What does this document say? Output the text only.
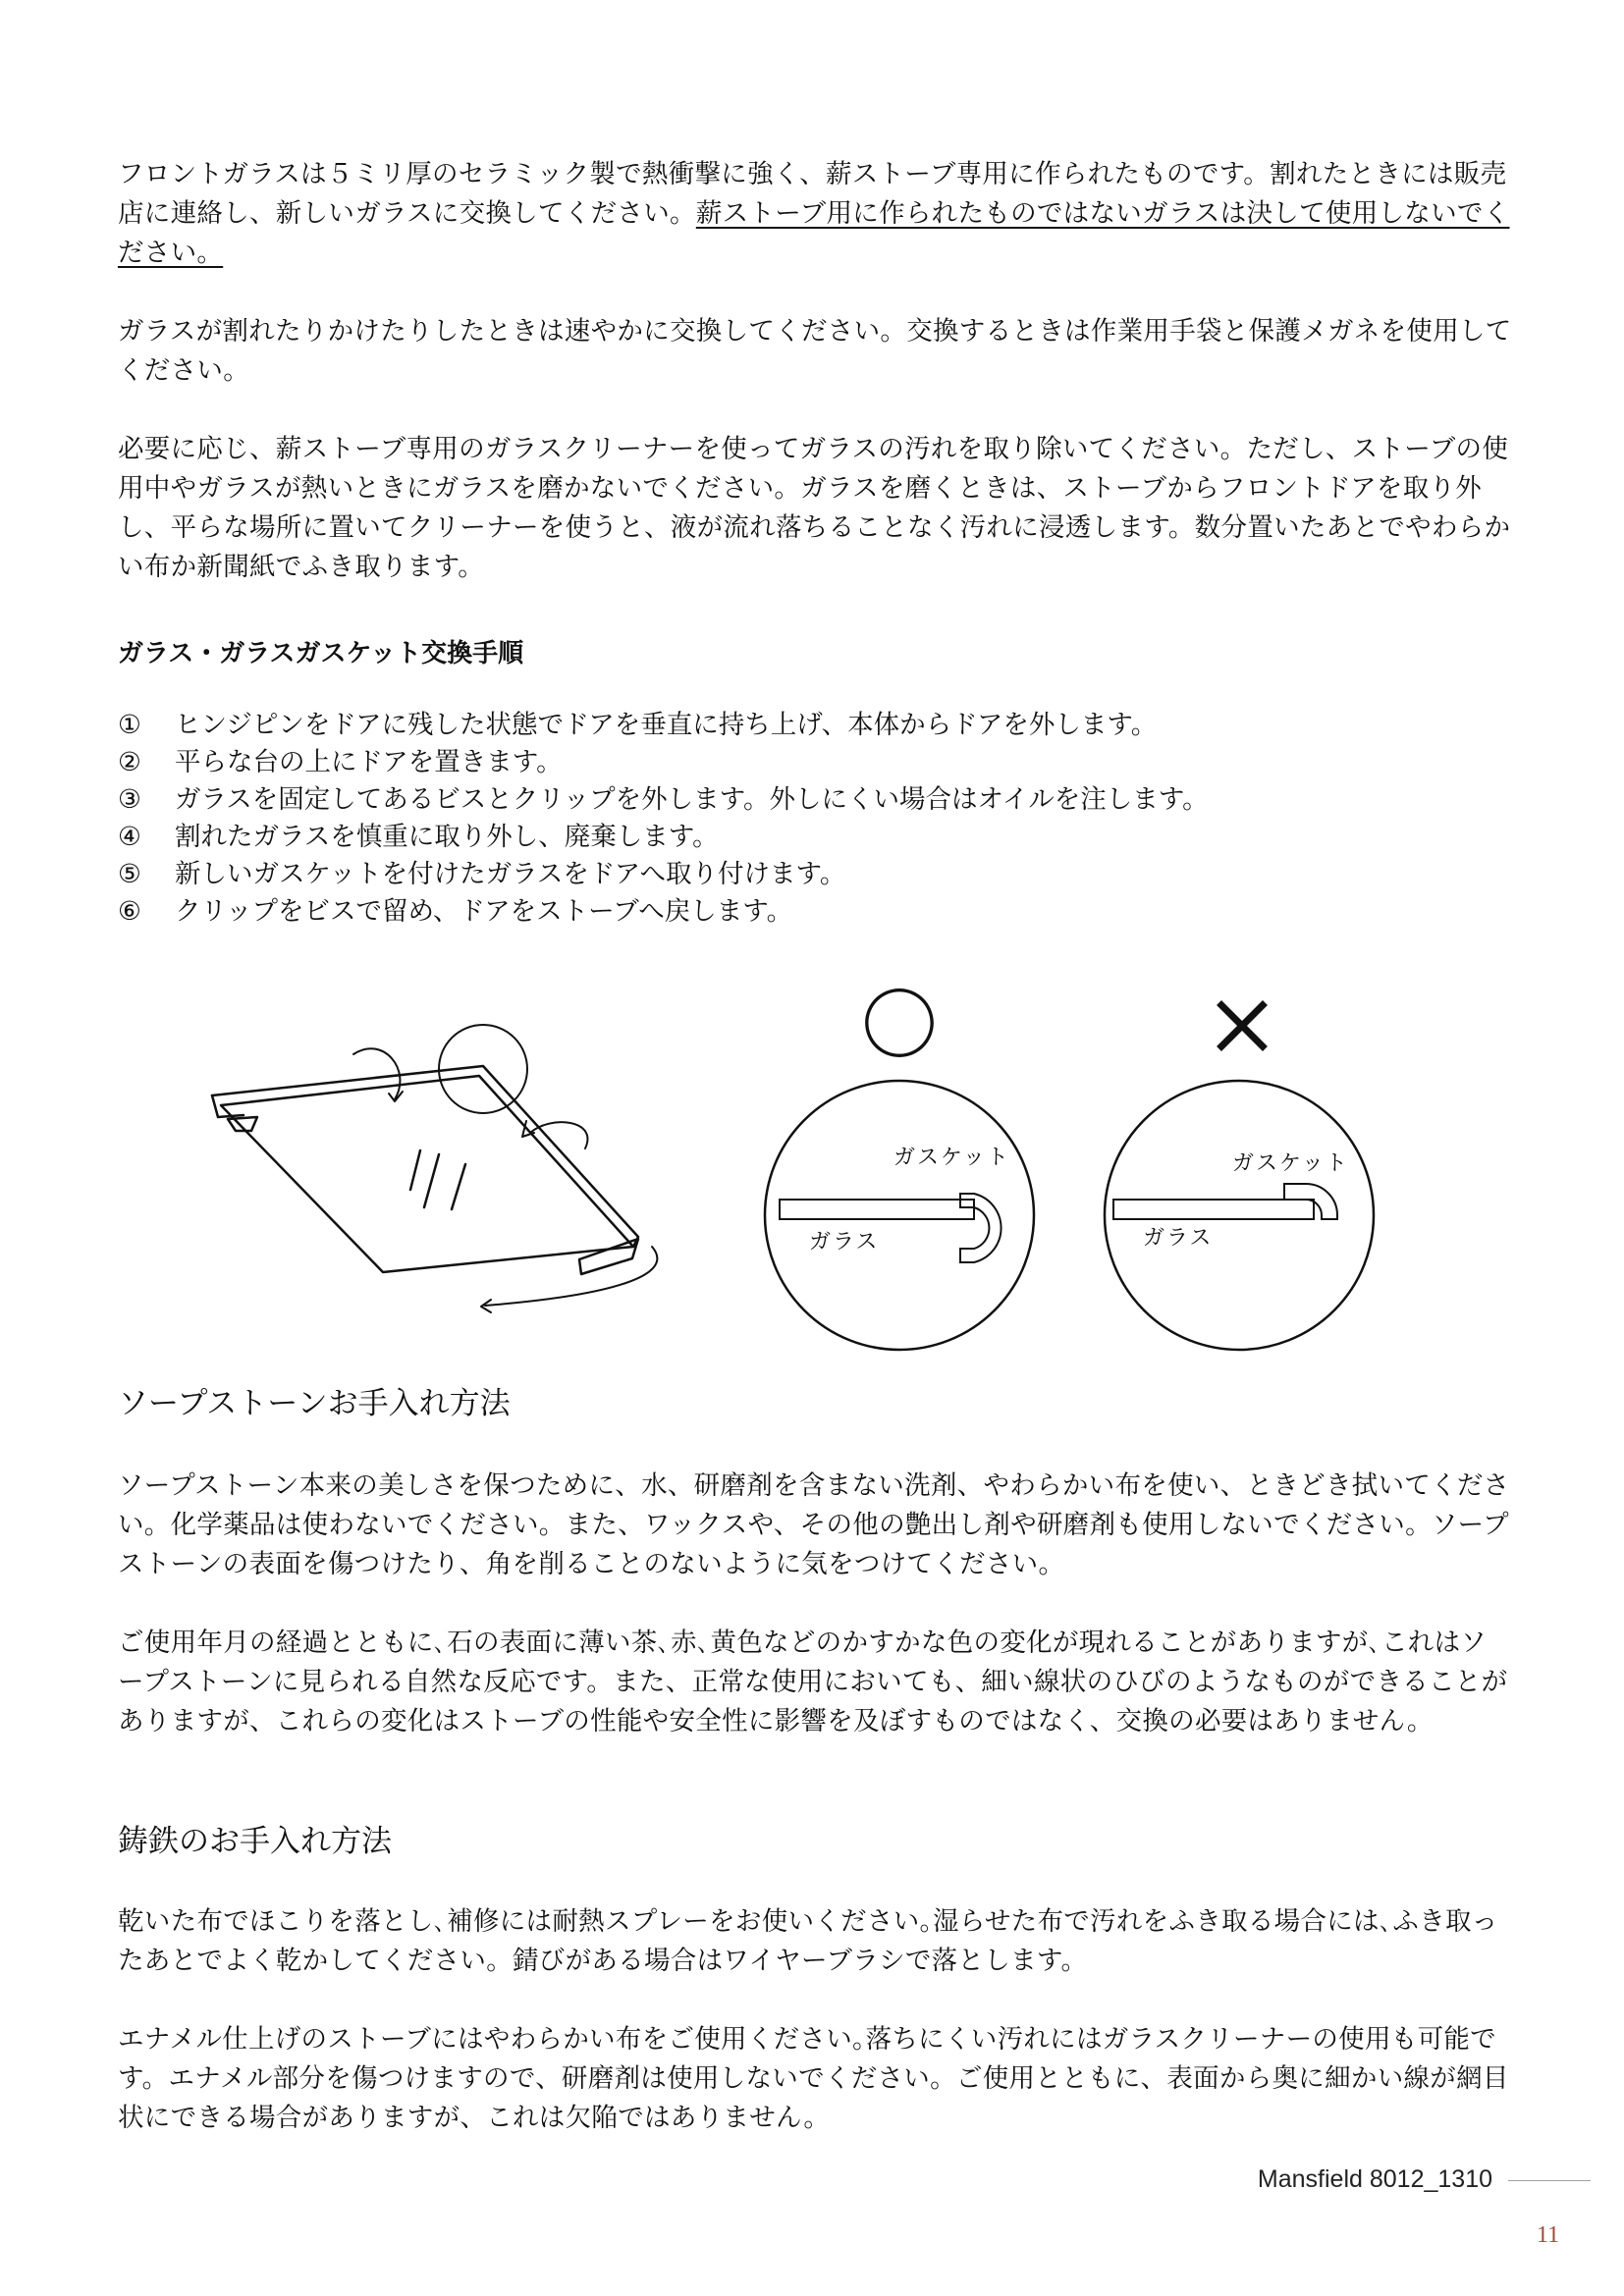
フロントガラスは５ミリ厚のセラミック製で熱衝撃に強く、薪ストーブ専用に作られたものです。割れたときには販売店に連絡し、新しいガラスに交換してください。薪ストーブ用に作られたものではないガラスは決して使用しないでください。
ガラスが割れたりかけたりしたときは速やかに交換してください。交換するときは作業用手袋と保護メガネを使用してください。
必要に応じ、薪ストーブ専用のガラスクリーナーを使ってガラスの汚れを取り除いてください。ただし、ストーブの使用中やガラスが熱いときにガラスを磨かないでください。ガラスを磨くときは、ストーブからフロントドアを取り外し、平らな場所に置いてクリーナーを使うと、液が流れ落ちることなく汚れに浸透します。数分置いたあとでやわらかい布か新聞紙でふき取ります。
ガラス・ガラスガスケット交換手順
①	ヒンジピンをドアに残した状態でドアを垂直に持ち上げ、本体からドアを外します。
②	平らな台の上にドアを置きます。
③	ガラスを固定してあるビスとクリップを外します。外しにくい場合はオイルを注します。
④	割れたガラスを慎重に取り外し、廃棄します。
⑤	新しいガスケットを付けたガラスをドアへ取り付けます。
⑥	クリップをビスで留め、ドアをストーブへ戻します。
〇
ガスケット
ガラス
×
ガスケット
ガラス
ソープストーンお手入れ方法
ソープストーン本来の美しさを保つために、水、研磨剤を含まない洗剤、やわらかい布を使い、ときどき拭いてください。化学薬品は使わないでください。また、ワックスや、その他の艶出し剤や研磨剤も使用しないでください。ソープストーンの表面を傷つけたり、角を削ることのないように気をつけてください。
ご使用年月の経過とともに､石の表面に薄い茶､赤､黄色などのかすかな色の変化が現れることがありますが､これはソープストーンに見られる自然な反応です。また、正常な使用においても、細い線状のひびのようなものができることがありますが、これらの変化はストーブの性能や安全性に影響を及ぼすものではなく、交換の必要はありません。
鋳鉄のお手入れ方法
乾いた布でほこりを落とし､補修には耐熱スプレーをお使いください｡湿らせた布で汚れをふき取る場合には､ふき取ったあとでよく乾かしてください。錆びがある場合はワイヤーブラシで落とします。
エナメル仕上げのストーブにはやわらかい布をご使用ください｡落ちにくい汚れにはガラスクリーナーの使用も可能です。エナメル部分を傷つけますので、研磨剤は使用しないでください。ご使用とともに、表面から奥に細かい線が網目状にできる場合がありますが、これは欠陥ではありません。
Mansfield 8012_1310
11
